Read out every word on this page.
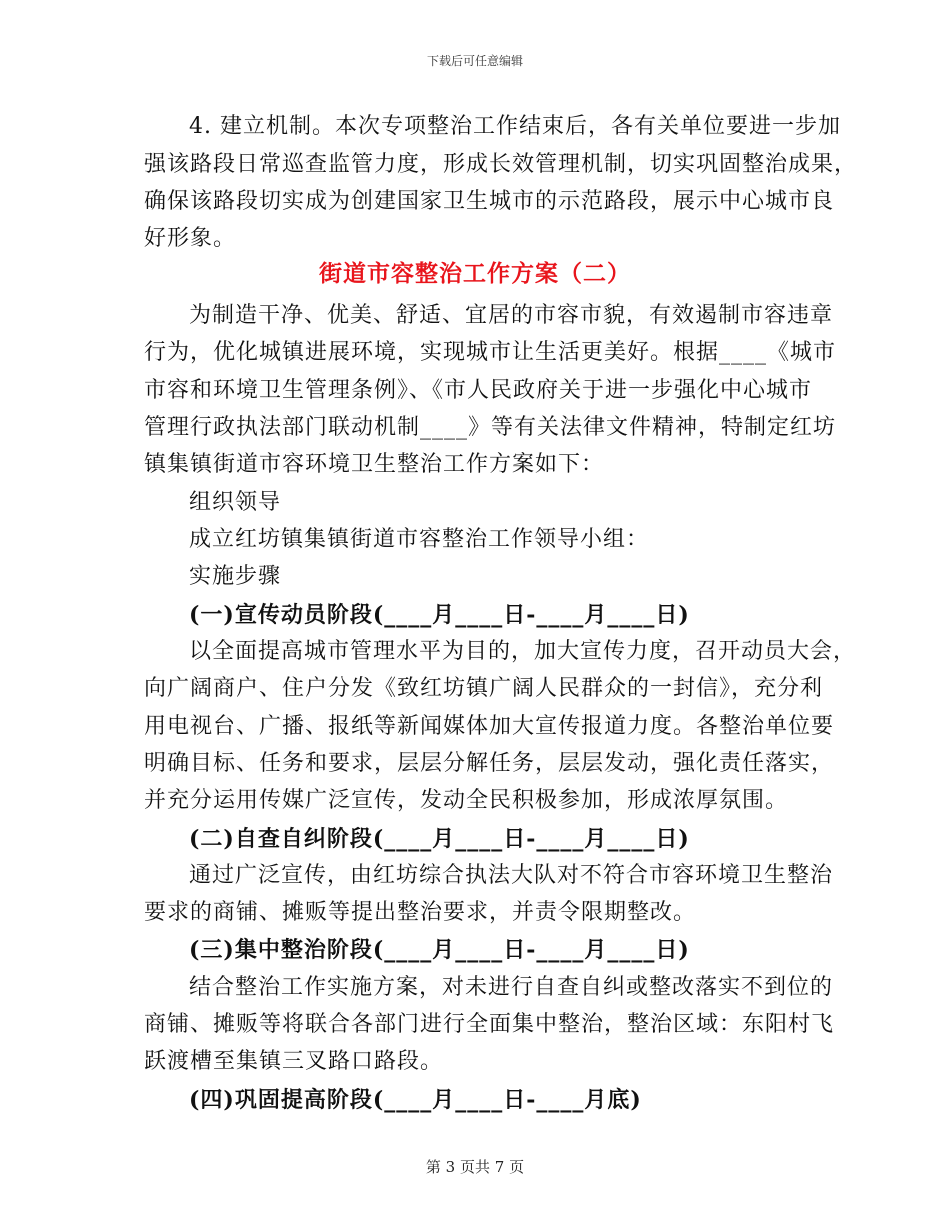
下载后可任意编辑
4. 建立机制。本次专项整治工作结束后，各有关单位要进一步加
强该路段日常巡查监管力度，形成长效管理机制，切实巩固整治成果，
确保该路段切实成为创建国家卫生城市的示范路段，展示中心城市良
好形象。
街道市容整治工作方案（二）
为制造干净、优美、舒适、宜居的市容市貌，有效遏制市容违章
行为，优化城镇进展环境，实现城市让生活更美好。根据____《城市
市容和环境卫生管理条例》、《市人民政府关于进一步强化中心城市
管理行政执法部门联动机制____》等有关法律文件精神，特制定红坊
镇集镇街道市容环境卫生整治工作方案如下：
组织领导
成立红坊镇集镇街道市容整治工作领导小组：
实施步骤
(一)宣传动员阶段(____月____日-____月____日)
以全面提高城市管理水平为目的，加大宣传力度，召开动员大会，
向广阔商户、住户分发《致红坊镇广阔人民群众的一封信》，充分利
用电视台、广播、报纸等新闻媒体加大宣传报道力度。各整治单位要
明确目标、任务和要求，层层分解任务，层层发动，强化责任落实，
并充分运用传媒广泛宣传，发动全民积极参加，形成浓厚氛围。
(二)自查自纠阶段(____月____日-____月____日)
通过广泛宣传，由红坊综合执法大队对不符合市容环境卫生整治
要求的商铺、摊贩等提出整治要求，并责令限期整改。
(三)集中整治阶段(____月____日-____月____日)
结合整治工作实施方案，对未进行自查自纠或整改落实不到位的
商铺、摊贩等将联合各部门进行全面集中整治，整治区域：东阳村飞
跃渡槽至集镇三叉路口路段。
(四)巩固提高阶段(____月____日-____月底)
第 3 页共 7 页
